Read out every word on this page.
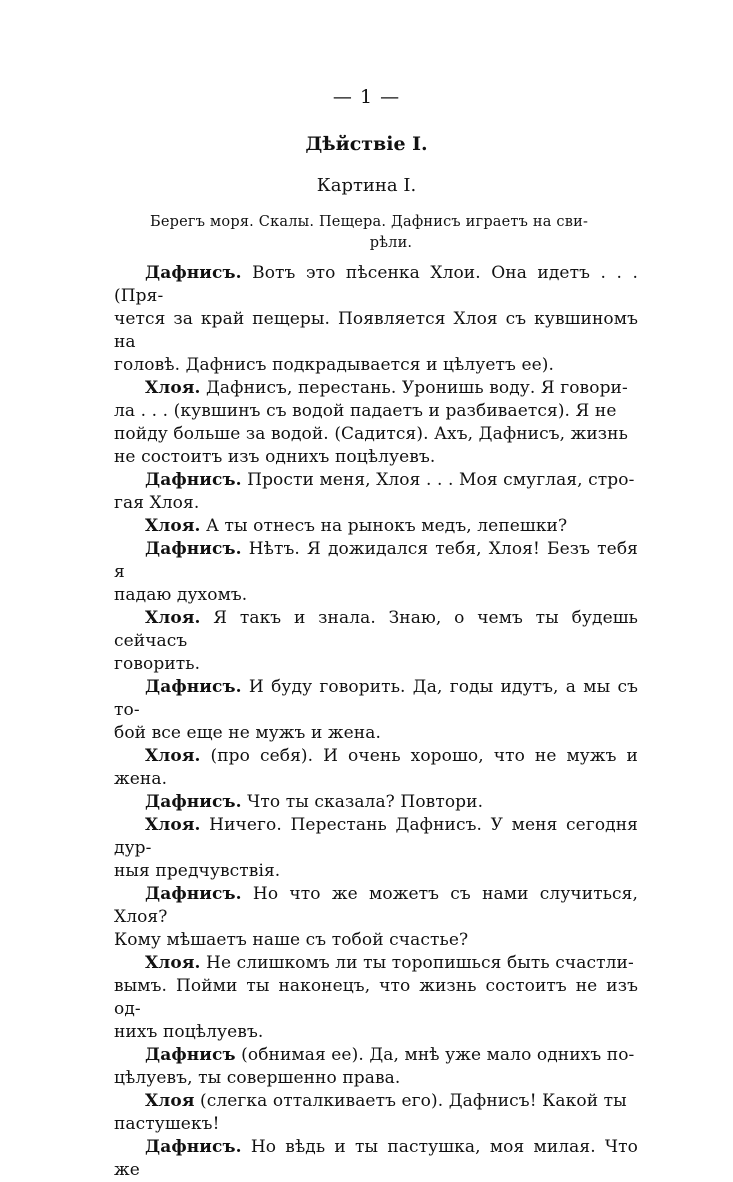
— 1 —
Дѣйствіе I.
Картина I.
Берегъ моря. Скалы. Пещера. Дафнисъ играетъ на сви-
рѣли.
Дафнисъ. Вотъ это пѣсенка Хлои. Она идетъ . . . (Пря-
чется за край пещеры. Появляется Хлоя съ кувшиномъ на
головѣ. Дафнисъ подкрадывается и цѣлуетъ ее).
Хлоя. Дафнисъ, перестань. Уронишь воду. Я говори-
ла . . . (кувшинъ съ водой падаетъ и разбивается). Я не
пойду больше за водой. (Садится). Ахъ, Дафнисъ, жизнь
не состоитъ изъ однихъ поцѣлуевъ.
Дафнисъ. Прости меня, Хлоя . . . Моя смуглая, стро-
гая Хлоя.
Хлоя. А ты отнесъ на рынокъ медъ, лепешки?
Дафнисъ. Нѣтъ. Я дожидался тебя, Хлоя! Безъ тебя я
падаю духомъ.
Хлоя. Я такъ и знала. Знаю, о чемъ ты будешь сейчасъ
говорить.
Дафнисъ. И буду говорить. Да, годы идутъ, а мы съ то-
бой все еще не мужъ и жена.
Хлоя. (про себя). И очень хорошо, что не мужъ и жена.
Дафнисъ. Что ты сказала? Повтори.
Хлоя. Ничего. Перестань Дафнисъ. У меня сегодня дур-
ныя предчувствія.
Дафнисъ. Но что же можетъ съ нами случиться, Хлоя?
Кому мѣшаетъ наше съ тобой счастье?
Хлоя. Не слишкомъ ли ты торопишься быть счастли-
вымъ. Пойми ты наконецъ, что жизнь состоитъ не изъ од-
нихъ поцѣлуевъ.
Дафнисъ (обнимая ее). Да, мнѣ уже мало однихъ по-
цѣлуевъ, ты совершенно права.
Хлоя (слегка отталкиваетъ его). Дафнисъ! Какой ты
пастушекъ!
Дафнисъ. Но вѣдь и ты пастушка, моя милая. Что же
